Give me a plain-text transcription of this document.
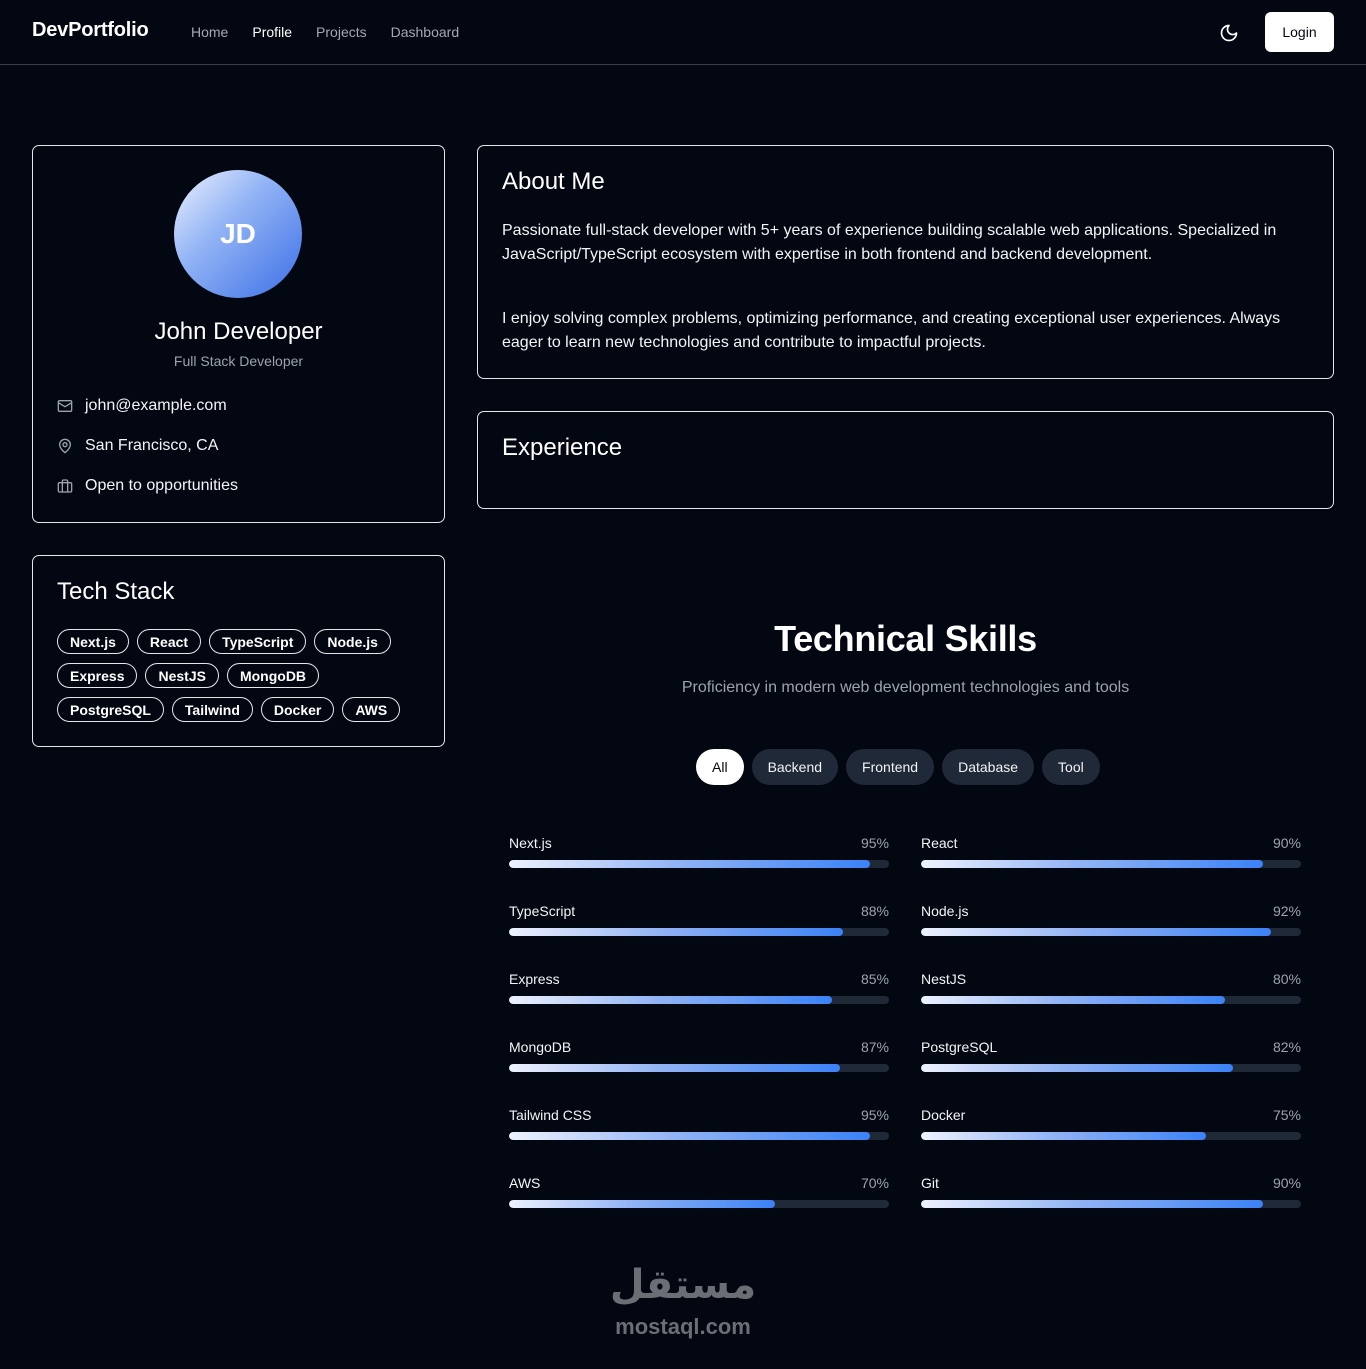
DevPortfolio	Home Profile Projects Dashboard	Login
JD
John Developer
Full Stack Developer
john@example.com
San Francisco, CA
Open to opportunities
Tech Stack
Next.js	React	TypeScript	Node.js
Express	NestJS	MongoDB
PostgreSQL	Tailwind	Docker	AWS
About Me

Passionate full-stack developer with 5+ years of experience building scalable web applications. Specialized in JavaScript/TypeScript ecosystem with expertise in both frontend and backend development.

I enjoy solving complex problems, optimizing performance, and creating exceptional user experiences. Always eager to learn new technologies and contribute to impactful projects.

Experience
Technical Skills
Proficiency in modern web development technologies and tools
All	Backend	Frontend	Database	Tool
Next.js	95% React	90%
TypeScript	88% Node.js	92%
Express	85% NestJS	80%
MongoDB	87% PostgreSQL	82%
Tailwind CSS	95% Docker	75%
AWS	70% Git	90%
مستقل
mostaql.com
